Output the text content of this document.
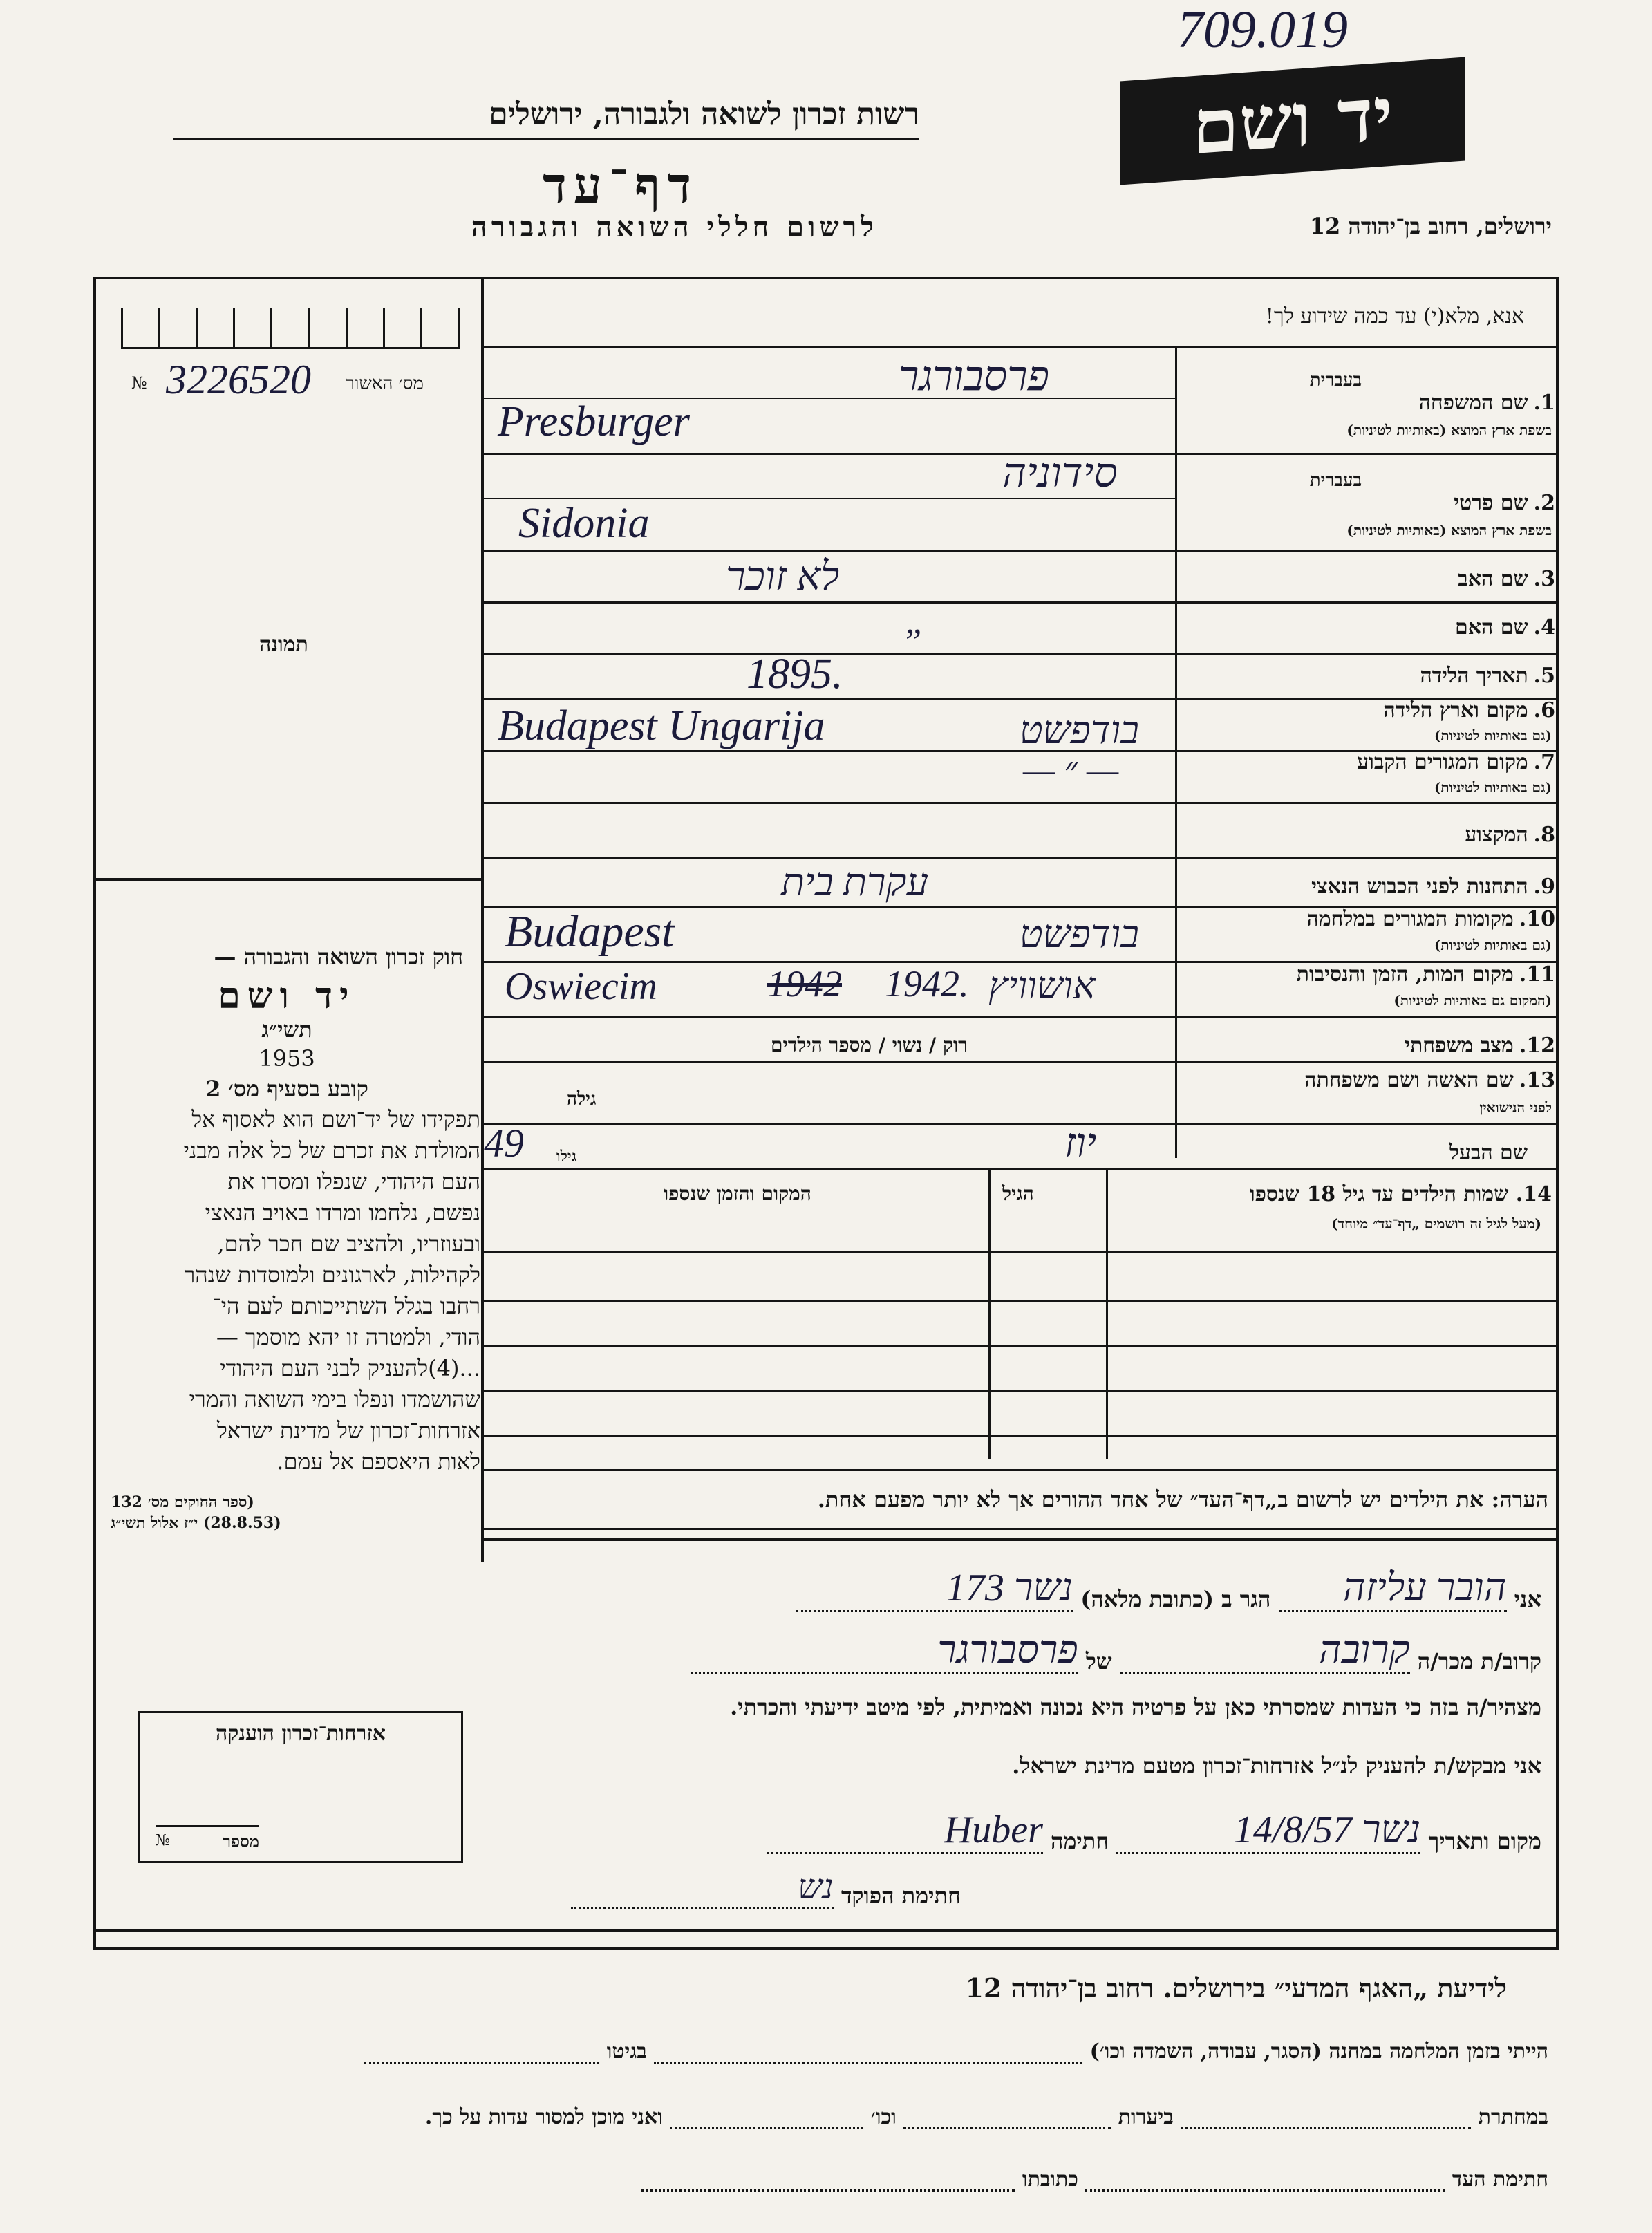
709.019
רשות זכרון לשואה ולגבורה, ירושלים
דף־עד
לרשום חללי השואה והגבורה
יד ושם
ירושלים, רחוב בן־יהודה 12
מס׳ האשור
3226520
№
תמונה
חוק זכרון השואה והגבורה —
יד ושם
תשי״ג
1953
קובע בסעיף מס׳ 2
תפקידו של יד־ושם הוא לאסוף אל
המולדת את זכרם של כל אלה מבני
העם היהודי, שנפלו ומסרו את
נפשם, נלחמו ומרדו באויב הנאצי
ובעוזריו, ולהציב שם חכר להם,
לקהילות, לארגונים ולמוסדות שנהר
רחבו בגלל השתייכותם לעם הי־
הודי, ולמטרה זו יהא מוסמך —
...(4)להעניק לבני העם היהודי
שהושמדו ונפלו בימי השואה והמרי
אזרחות־זכרון של מדינת ישראל
לאות היאספם אל עמם.
(ספר החוקים מס׳ 132
(28.8.53) י״ז אלול תשי״ג
אנא, מלא(י) עד כמה שידוע לך!
בעברית
1.שם המשפחה
בשפת ארץ המוצא (באותיות לטיניות)
פרסבורגר
Presburger
בעברית
2.שם פרטי
בשפת ארץ המוצא (באותיות לטיניות)
סידוניה
Sidonia
3.שם האב
לא זוכר
4.שם האם
„
5.תאריך הלידה
1895.
6.מקום וארץ הלידה
(גם באותיות לטיניות)
Budapest Ungarija	בודפשט
7.מקום המגורים הקבוע
(גם באותיות לטיניות)
— ״ —
8.המקצוע
9.התחנות לפני הכבוש הנאצי
עקרת בית
10.מקומות המגורים במלחמה
(גם באותיות לטיניות)
Budapest	בודפשט
11.מקום המות, הזמן והנסיבות
(המקום גם באותיות לטיניות)
Oswiecim	1942 1942. אושוויץ
12.מצב משפחתי
רוק / נשוי / מספר הילדים
13.שם האשה ושם משפחתה
לפני הנישואין
גילה
שם הבעל
גילו
49	יוז
14. שמות הילדים עד גיל 18 שנספו
(מעל לגיל זה רושמים „דף־עד״ מיוחד)
הגיל
המקום והזמן שנספו
הערה: את הילדים יש לרשום ב„דף־העד״ של אחד ההורים אך לא יותר מפעם אחת.
אני הובר עליזה הגר ב (כתובת מלאה) נשר 173
קרוב/ת מכר/ה קרובה של פרסבורגר
מצהיר/ה בזה כי העדות שמסרתי כאן על פרטיה היא נכונה ואמיתית, לפי מיטב ידיעתי והכרתי.
אני מבקש/ת להעניק לנ״ל אזרחות־זכרון מטעם מדינת ישראל.
מקום ותאריך נשר 14/8/57 חתימה Huber
חתימת הפוקד נש
אזרחות־זכרון הוענקה
מספר
№
לידיעת „האגף המדעי״ בירושלים. רחוב בן־יהודה 12
הייתי בזמן המלחמה במחנה (הסגר, עבודה, השמדה וכו׳)  בגיטו
במחתרת  ביערות  וכו׳  ואני מוכן למסור עדות על כך.
חתימת העד  כתובתו
